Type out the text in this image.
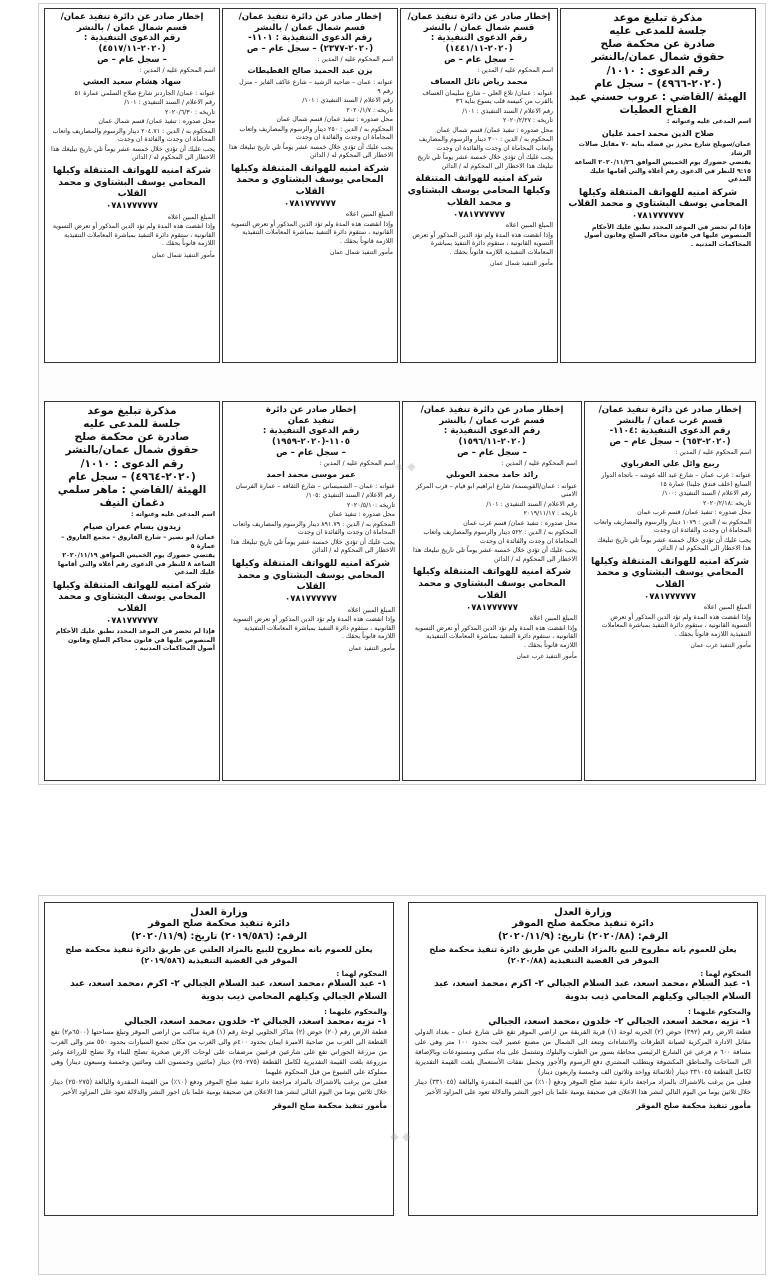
مذكرة تبليغ موعد
جلسة للمدعى عليه
صادرة عن محكمة صلح
حقوق شمال عمان/بالنشر
رقم الدعوى : ١٠١٠/
(٢٠٢٠-٤٩٦٦) – سجل عام
الهيئة /القاضي : عروب حسني عبد الفتاح العطيات

اسم المدعى عليه وعنوانه :

صلاح الدين محمد احمد عليان

عمان/سويلح شارع محرز بن فضله بناية ٧٠ مقابل صالات الرشاد

يقتضي حضورك يوم الخميس الموافق ٢٠٢٠/١١/٢٦ الساعة ٩:١٥ للنظر في الدعوى رقم أعلاه والتي أقامها عليك المدعي

شركة امنيه للهواتف المتنقلة وكيلها المحامي يوسف البشتاوي و محمد القلاب
٠٧٨١٧٧٧٧٧٧

فإذا لم تحضر في الموعد المحدد تطبق عليك الأحكام المنصوص عليها في قانون محاكم الصلح وقانون أصول المحاكمات المدنية .

إخطار صادر عن دائرة تنفيذ عمان/
قسم شمال عمان / بالنشر
رقم الدعوى التنفيذية :
(٢٠٢٠-١٤٤١/١١)
– سجل عام – ص

اسم المحكوم عليه / المدين :

محمد رياض نائل العساف

عنوانه : عمان/ تلاع العلي – شارع سليمان العساف بالقرب من كنيسة قلب يسوع بناية ٣٦

رقم الاعلام / السند التنفيذي : ١٠١/

تاريخه : ٢٠٢٠/٢/٢٧

محل صدوره : تنفيذ عمان/ قسم شمال عمان

المحكوم به / الدين : ٣٠٠ دينار والرسوم والمصاريف واتعاب المحاماة ان وجدت والفائدة ان وجدت

يجب عليك أن تؤدي خلال خمسة عشر يوماً تلي تاريخ تبليغك هذا الاخطار الى المحكوم له / الدائن

شركة امنيه للهواتف المتنقلة وكيلها المحامي يوسف البشتاوي و محمد القلاب
٠٧٨١٧٧٧٧٧٧

المبلغ المبين اعلاه

وإذا انقضت هذه المدة ولم تؤد الدين المذكور أو تعرض التسوية القانونية ، ستقوم دائرة التنفيذ بمباشرة المعاملات التنفيذية اللازمة قانوناً بحقك .

مأمور التنفيذ شمال عمان
إخطار صادر عن دائرة تنفيذ عمان/
قسم شمال عمان / بالنشر
رقم الدعوى التنفيذية : ١١٠١-
(٢٠٢٠-٢٣٧٧) – سجل عام – ص

اسم المحكوم عليه / المدين :

يزن عبد الحميد صالح القطيطات

عنوانه : عمان – ضاحية الرشيد – شارع عاكف الفايز – منزل رقم ٩

رقم الاعلام / السند التنفيذي : ١٠١/

تاريخه : ٢٠٢٠/١/٧

محل صدوره : تنفيذ عمان/ قسم شمال عمان

المحكوم به / الدين : ٢٥٠ دينار والرسوم والمصاريف واتعاب المحاماة ان وجدت والفائدة ان وجدت

يجب عليك أن تؤدي خلال خمسة عشر يوماً تلي تاريخ تبليغك هذا الاخطار الى المحكوم له / الدائن

شركة امنيه للهواتف المتنقلة وكيلها المحامي يوسف البشتاوي و محمد القلاب
٠٧٨١٧٧٧٧٧٧

المبلغ المبين اعلاه

وإذا انقضت هذه المدة ولم تؤد الدين المذكور أو تعرض التسوية القانونية ، ستقوم دائرة التنفيذ بمباشرة المعاملات التنفيذية اللازمة قانوناً بحقك .

مأمور التنفيذ شمال عمان
إخطار صادر عن دائرة تنفيذ عمان/
قسم شمال عمان / بالنشر
رقم الدعوى التنفيذية :
(٢٠٢٠-٤٥١٧/١١)
– سجل عام – ص

اسم المحكوم عليه / المدين :

سهاد هشام سعيد العشي

عنوانه : عمان/ الجاردنز شارع صلاح السلمي عمارة ٥١

رقم الاعلام / السند التنفيذي : ١٠١/

تاريخه : ٢٠٢٠/٦/٣٠

محل صدوره : تنفيذ عمان/ قسم شمال عمان

المحكوم به / الدين : ٢٠٤.٧١ دينار والرسوم والمصاريف واتعاب المحاماة ان وجدت والفائدة ان وجدت

يجب عليك أن تؤدي خلال خمسة عشر يوماً تلي تاريخ تبليغك هذا الاخطار الى المحكوم له / الدائن

شركة امنيه للهواتف المتنقلة وكيلها المحامي يوسف البشتاوي و محمد القلاب
٠٧٨١٧٧٧٧٧٧

المبلغ المبين اعلاه

وإذا انقضت هذه المدة ولم تؤد الدين المذكور أو تعرض التسوية القانونية ، ستقوم دائرة التنفيذ بمباشرة المعاملات التنفيذية اللازمة قانوناً بحقك .

مأمور التنفيذ شمال عمان
إخطار صادر عن دائرة تنفيذ عمان/
قسم غرب عمان / بالنشر
رقم الدعوى التنفيذية :١١٠٤-
(٢٠٢٠-٦٥٣) – سجل عام – ص

اسم المحكوم عليه / المدين :

ربيع وائل علي العقرباوي

عنوانه : غرب عمان – شارع عبد الله غوشه – باتجاه الدوار السابع (خلف فندق جلينا) عمارة ١٥

رقم الاعلام / السند التنفيذي :١٠٠/

تاريخه :٢٠٢٠/٢/١٨

محل صدوره : تنفيذ عمان/ قسم غرب عمان

المحكوم به / الدين : ١٠٧٩ دينار والرسوم والمصاريف واتعاب المحاماة ان وجدت والفائدة ان وجدت

يجب عليك أن تؤدي خلال خمسة عشر يوماً تلي تاريخ تبليغك هذا الاخطار الى المحكوم له / الدائن

شركة امنيه للهواتف المتنقلة وكيلها المحامي يوسف البشتاوي و محمد القلاب
٠٧٨١٧٧٧٧٧٧

المبلغ المبين اعلاه

وإذا انقضت هذه المدة ولم تؤد الدين المذكور أو تعرض التسوية القانونية ، ستقوم دائرة التنفيذ بمباشرة المعاملات التنفيذية اللازمة قانوناً بحقك .

مأمور التنفيذ غرب عمان
إخطار صادر عن دائرة تنفيذ عمان/
قسم غرب عمان / بالنشر
رقم الدعوى التنفيذية :
(٢٠٢٠-١٥٩٦/١١)
– سجل عام – ص

اسم المحكوم عليه / المدين :

رائد حامد محمد العوبلي

عنوانه : عمان/القويسمة/ شارع ابراهيم ابو قيام – قرب المركز الامني

رقم الاعلام / السند التنفيذي : ١٠١/

تاريخه : ٢٠١٩/١١/١٧

محل صدوره : تنفيذ عمان/ قسم غرب عمان

المحكوم به / الدين : ٥٢٢ دينار والرسوم والمصاريف واتعاب المحاماة ان وجدت والفائدة ان وجدت

يجب عليك أن تؤدي خلال خمسة عشر يوماً تلي تاريخ تبليغك هذا الاخطار الى المحكوم له / الدائن

شركة امنيه للهواتف المتنقلة وكيلها المحامي يوسف البشتاوي و محمد القلاب
٠٧٨١٧٧٧٧٧٧

المبلغ المبين اعلاه

وإذا انقضت هذه المدة ولم تؤد الدين المذكور أو تعرض التسوية القانونية ، ستقوم دائرة التنفيذ بمباشرة المعاملات التنفيذية اللازمة قانوناً بحقك .

مأمور التنفيذ غرب عمان
إخطار صادر عن دائرة
تنفيذ عمان
رقم الدعوى التنفيذية :
١١٠٥-(٢٠٢٠-١٩٥٩)
– سجل عام – ص

اسم المحكوم عليه / المدين :

عمر موسى محمد احمد

عنوانه : عمان – الشميساني – شارع الثقافة – عمارة الفرسان

رقم الاعلام / السند التنفيذي :١٠٥/

تاريخه :٢٠٢٠/٥/١٠

محل صدوره : تنفيذ عمان

المحكوم به / الدين : ٨٩١.٧٩ دينار والرسوم والمصاريف واتعاب المحاماة ان وجدت والفائدة ان وجدت

يجب عليك أن تؤدي خلال خمسة عشر يوماً تلي تاريخ تبليغك هذا الاخطار الى المحكوم له / الدائن

شركة امنيه للهواتف المتنقلة وكيلها المحامي يوسف البشتاوي و محمد القلاب
٠٧٨١٧٧٧٧٧٧

المبلغ المبين اعلاه

وإذا انقضت هذه المدة ولم تؤد الدين المذكور أو تعرض التسوية القانونية ، ستقوم دائرة التنفيذ بمباشرة المعاملات التنفيذية اللازمة قانوناً بحقك .

مأمور التنفيذ عمان
مذكرة تبليغ موعد
جلسة للمدعى عليه
صادرة عن محكمة صلح
حقوق شمال عمان/بالنشر
رقم الدعوى : ١٠١٠/
(٢٠٢٠-٤٩٦٤) – سجل عام
الهيئة /القاضي : ماهر سلمي دغمان النيف

اسم المدعى عليه وعنوانه :

زيدون بسام عمران صيام

عمان/ ابو نصير – شارع الفاروق – مجمع الفاروق – عمارة ٥

يقتضي حضورك يوم الخميس الموافق ٢٠٢٠/١١/١٩ الساعة ٨ للنظر في الدعوى رقم أعلاه والتي أقامها عليك المدعي

شركة امنيه للهواتف المتنقلة وكيلها المحامي يوسف البشتاوي و محمد القلاب
٠٧٨١٧٧٧٧٧٧

فإذا لم تحضر في الموعد المحدد تطبق عليك الأحكام المنصوص عليها في قانون محاكم الصلح وقانون أصول المحاكمات المدنية .

وزارة العدل
دائرة تنفيذ محكمة صلح الموقر
الرقم: (٢٠٢٠/٨٨) تاريخ: (٢٠٢٠/١١/٩)
يعلن للعموم بانه مطروح للبيع بالمزاد العلني عن طريق دائرة تنفيذ محكمة صلح الموقر في القضية التنفيذية (٢٠٢٠/٨٨)
المحكوم لهما :
١- عبد السلام ،محمد اسعد، عبد السلام الجبالي ٢- اكرم ،محمد اسعد، عبد السلام الجبالي وكيلهم المحامي ذيب بدوية
والمحكوم عليهما :
١- نزيه ،محمد اسعد، الجبالي ٢- خلدون ،محمد اسعد، الجبالي
قطعة الارض رقم (٣٩٢) حوض (٢) الحريه لوحة (١) قرية القريقة من اراضي الموقر تقع على شارع عمان – بغداد الدولي مقابل الادارة المركزية لصيانة الطرقات والانشاءات وتبعد الى الشمال من مصنع عصير لايت بحدود ١٠٠ متر وهي على مسافة ٦٠٠ م فرعي عن الشارع الرئيسي محاطة بسور من الطوب والبلوك وتشتمل على بناء سكني ومستودعات وبالإضافة الى الساحات والمناطق المكشوفة ويتطلب المشتري دفع الرسوم والأجور وتحمل نفقات الأستعمال بلغت القيمة التقديرية لكامل القطعة ٣٣١٠٤٥ دينار (ثلاثمائة وواحد وثلاثون الف وخمسة واربعون دينار)
فعلى من يرغب بالاشتراك بالمزاد مراجعة دائرة تنفيذ صلح الموقر ودفع (١٠٪) من القيمة المقدرة والبالغة (٣٣١٠٤٥) دينار خلال ثلاثين يوما من اليوم التالي لنشر هذا الاعلان في صحيفة يومية علما بان اجور النشر والدلالة تعود على المزاود الأخير
مأمور تنفيذ محكمة صلح الموقر
وزارة العدل
دائرة تنفيذ محكمة صلح الموقر
الرقم: (٢٠١٩/٥٨٦) تاريخ: (٢٠٢٠/١١/٩)
يعلن للعموم بانه مطروح للبيع بالمزاد العلني عن طريق دائرة تنفيذ محكمة صلح الموقر في القضية التنفيذية (٢٠١٩/٥٨٦)
المحكوم لهما :
١- عبد السلام ،محمد اسعد، عبد السلام الجبالي ٢- اكرم ،محمد اسعد، عبد السلام الجبالي وكيلهم المحامي ذيب بدوية
والمحكوم عليهما :
١- نزيه ،محمد اسعد، الجبالي ٢- خلدون ،محمد اسعد، الجبالي
قطعة الارض رقم (٢٠) حوض (٢) شاكر الجلوبي لوحة رقم (١) قرية ساكب من اراضي الموقر وتبلغ مساحتها (٦٥٠٠م٢) تقع القطعة الى الغرب من ضاحية الاميرة ايمان بحدود ٤٠٠م والى الغرب من مكان تجمع السيارات بحدود ٥٥٠ متر والى الغرب من مزرعة الحوراني تقع على شارعين فرعيين مرصفات على لوحات الارض صخرية تصلح للبناء ولا تصلح للزراعة وغير مزروعة بلغت القيمة التقديرية لكامل القطعة (٢٥٠٢٧٥) دينار (مائتين وخمسون الف ومائتين وخمسة وسبعون دينار) وهي مملوكة على الشيوع من قبل المحكوم عليهما
فعلى من يرغب بالاشتراك بالمزاد مراجعة دائرة تنفيذ صلح الموقر ودفع (١٠٪) من القيمة المقدرة والبالغة (٢٥٠٢٧٥) دينار خلال ثلاثين يوما من اليوم التالي لنشر هذا الاعلان في صحيفة يومية علما بان اجور النشر والدلالة تعود على المزاود الأخير
مأمور تنفيذ محكمة صلح الموقر
◆ ◆
◆ ◆
